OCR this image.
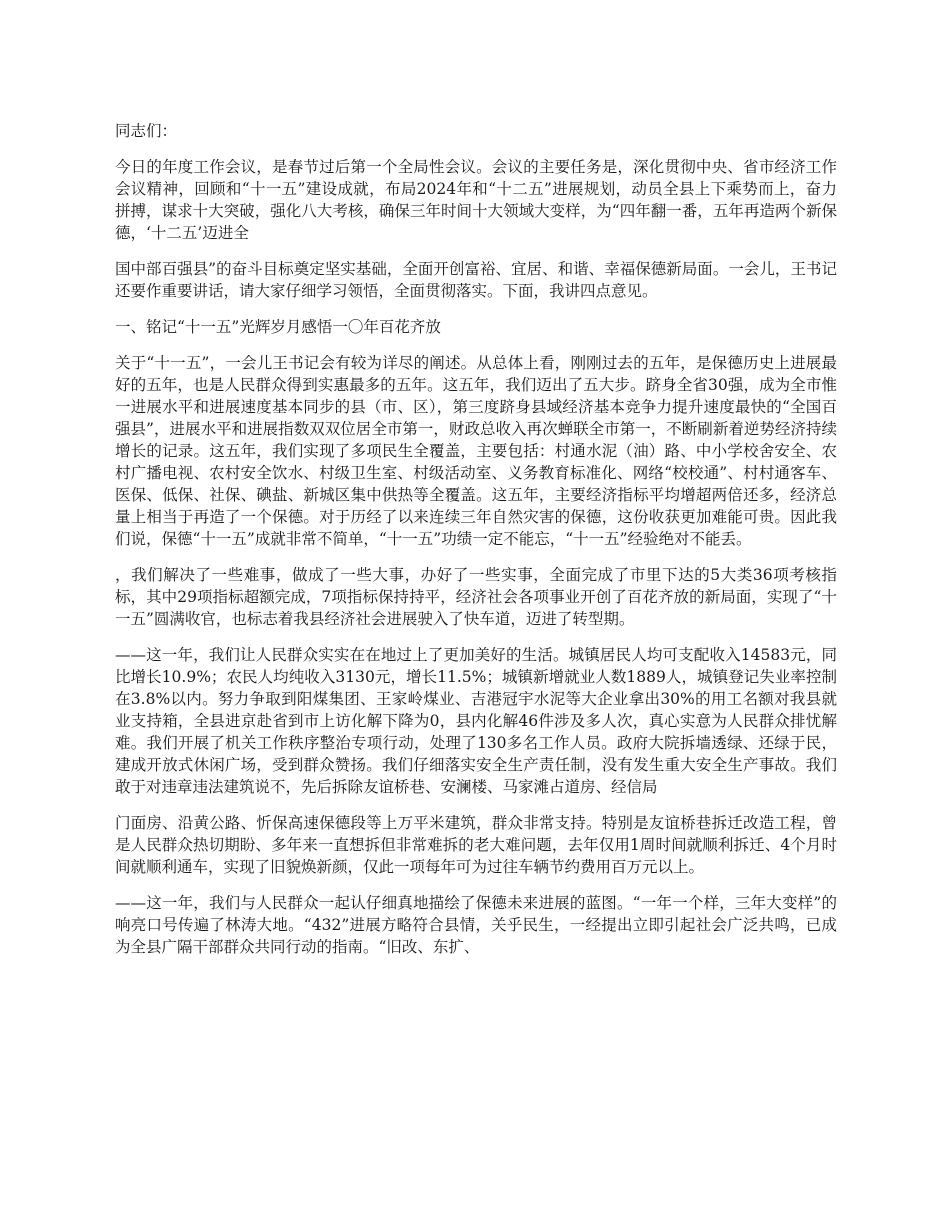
同志们：

今日的年度工作会议，是春节过后第一个全局性会议。会议的主要任务是，深化贯彻中央、省市经济工作会议精神，回顾和“十一五”建设成就，布局2024年和“十二五”进展规划，动员全县上下乘势而上，奋力拼搏，谋求十大突破，强化八大考核，确保三年时间十大领域大变样，为“四年翻一番，五年再造两个新保德，‘十二五’迈进全

国中部百强县”的奋斗目标奠定坚实基础，全面开创富裕、宜居、和谐、幸福保德新局面。一会儿，王书记还要作重要讲话，请大家仔细学习领悟，全面贯彻落实。下面，我讲四点意见。

一、铭记“十一五”光辉岁月感悟一〇年百花齐放

关于“十一五”，一会儿王书记会有较为详尽的阐述。从总体上看，刚刚过去的五年，是保德历史上进展最好的五年，也是人民群众得到实惠最多的五年。这五年，我们迈出了五大步。跻身全省30强，成为全市惟一进展水平和进展速度基本同步的县（市、区），第三度跻身县域经济基本竞争力提升速度最快的“全国百强县”，进展水平和进展指数双双位居全市第一，财政总收入再次蝉联全市第一，不断刷新着逆势经济持续增长的记录。这五年，我们实现了多项民生全覆盖，主要包括：村通水泥（油）路、中小学校舍安全、农村广播电视、农村安全饮水、村级卫生室、村级活动室、义务教育标准化、网络“校校通”、村村通客车、医保、低保、社保、碘盐、新城区集中供热等全覆盖。这五年，主要经济指标平均增超两倍还多，经济总量上相当于再造了一个保德。对于历经了以来连续三年自然灾害的保德，这份收获更加难能可贵。因此我们说，保德“十一五”成就非常不简单，“十一五”功绩一定不能忘，“十一五”经验绝对不能丢。

，我们解决了一些难事，做成了一些大事，办好了一些实事，全面完成了市里下达的5大类36项考核指标，其中29项指标超额完成，7项指标保持持平，经济社会各项事业开创了百花齐放的新局面，实现了“十一五”圆满收官，也标志着我县经济社会进展驶入了快车道，迈进了转型期。

——这一年，我们让人民群众实实在在地过上了更加美好的生活。城镇居民人均可支配收入14583元，同比增长10.9%；农民人均纯收入3130元，增长11.5%；城镇新增就业人数1889人，城镇登记失业率控制在3.8%以内。努力争取到阳煤集团、王家岭煤业、吉港冠宇水泥等大企业拿出30%的用工名额对我县就业支持箱，全县进京赴省到市上访化解下降为0，县内化解46件涉及多人次，真心实意为人民群众排忧解难。我们开展了机关工作秩序整治专项行动，处理了130多名工作人员。政府大院拆墙透绿、还绿于民，建成开放式休闲广场，受到群众赞扬。我们仔细落实安全生产责任制，没有发生重大安全生产事故。我们敢于对违章违法建筑说不，先后拆除友谊桥巷、安澜楼、马家滩占道房、经信局

门面房、沿黄公路、忻保高速保德段等上万平米建筑，群众非常支持。特别是友谊桥巷拆迁改造工程，曾是人民群众热切期盼、多年来一直想拆但非常难拆的老大难问题，去年仅用1周时间就顺利拆迁、4个月时间就顺利通车，实现了旧貌焕新颜，仅此一项每年可为过往车辆节约费用百万元以上。

——这一年，我们与人民群众一起认仔细真地描绘了保德未来进展的蓝图。“一年一个样，三年大变样”的响亮口号传遍了林涛大地。“432”进展方略符合县情，关乎民生，一经提出立即引起社会广泛共鸣，已成为全县广隔干部群众共同行动的指南。“旧改、东扩、
